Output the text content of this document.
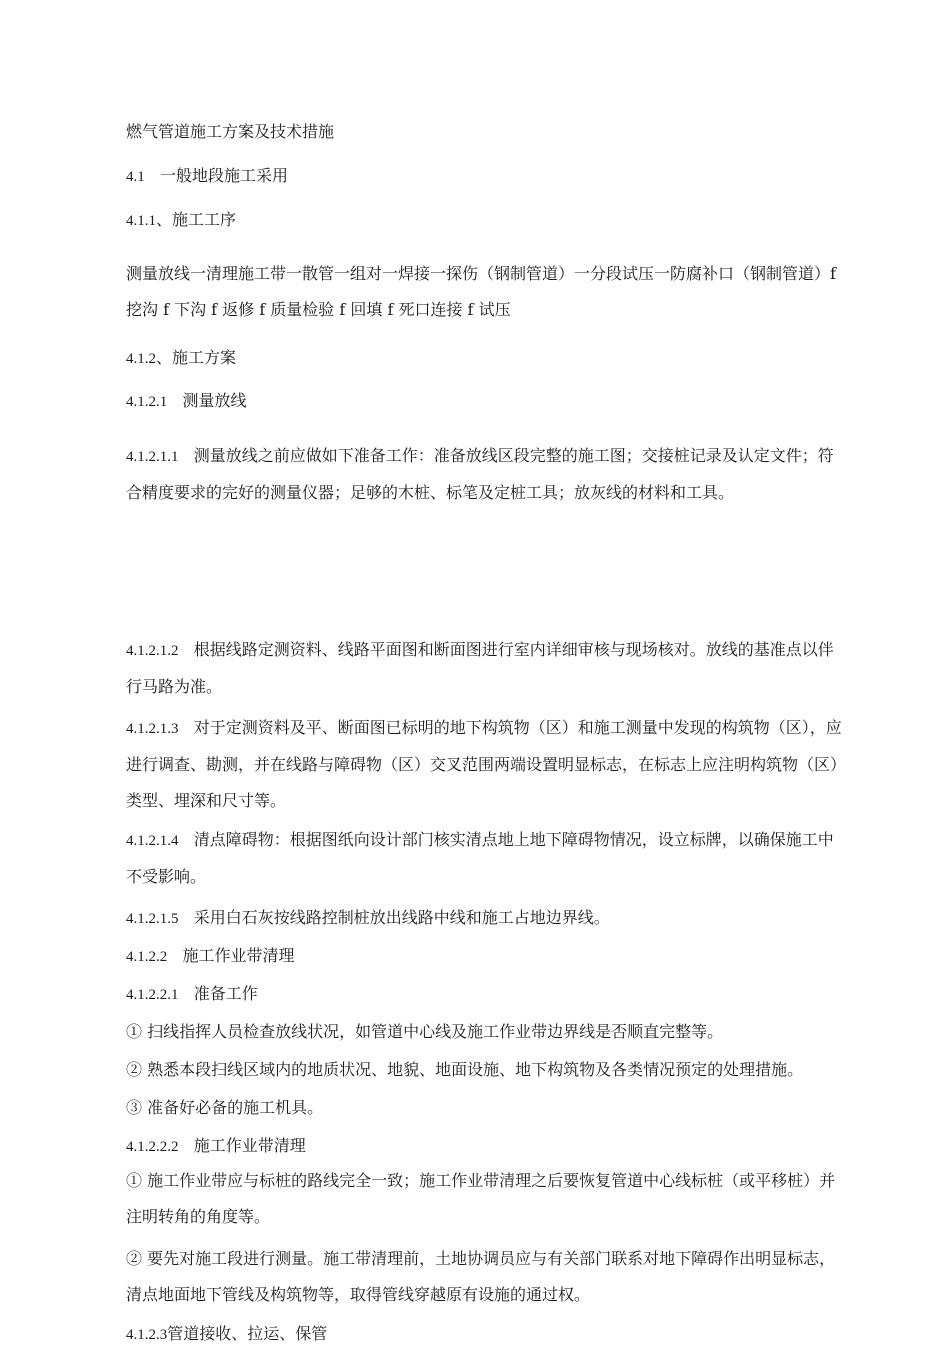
燃气管道施工方案及技术措施
4.1 一般地段施工采用
4.1.1、施工工序
测量放线一清理施工带一散管一组对一焊接一探伤（钢制管道）一分段试压一防腐补口（钢制管道）f 挖沟 f 下沟 f 返修 f 质量检验 f 回填 f 死口连接 f 试压
4.1.2、施工方案
4.1.2.1 测量放线
4.1.2.1.1 测量放线之前应做如下准备工作：准备放线区段完整的施工图；交接桩记录及认定文件；符合精度要求的完好的测量仪器；足够的木桩、标笔及定桩工具；放灰线的材料和工具。
4.1.2.1.2 根据线路定测资料、线路平面图和断面图进行室内详细审核与现场核对。放线的基准点以伴行马路为准。
4.1.2.1.3 对于定测资料及平、断面图已标明的地下构筑物（区）和施工测量中发现的构筑物（区），应进行调查、勘测，并在线路与障碍物（区）交叉范围两端设置明显标志，在标志上应注明构筑物（区）类型、埋深和尺寸等。
4.1.2.1.4 清点障碍物：根据图纸向设计部门核实清点地上地下障碍物情况，设立标牌，以确保施工中不受影响。
4.1.2.1.5 采用白石灰按线路控制桩放出线路中线和施工占地边界线。
4.1.2.2 施工作业带清理
4.1.2.2.1 准备工作
① 扫线指挥人员检查放线状况，如管道中心线及施工作业带边界线是否顺直完整等。
② 熟悉本段扫线区域内的地质状况、地貌、地面设施、地下构筑物及各类情况预定的处理措施。
③ 准备好必备的施工机具。
4.1.2.2.2 施工作业带清理
① 施工作业带应与标桩的路线完全一致；施工作业带清理之后要恢复管道中心线标桩（或平移桩）并注明转角的角度等。
② 要先对施工段进行测量。施工带清理前，土地协调员应与有关部门联系对地下障碍作出明显标志，清点地面地下管线及构筑物等，取得管线穿越原有设施的通过权。
4.1.2.3管道接收、拉运、保管
